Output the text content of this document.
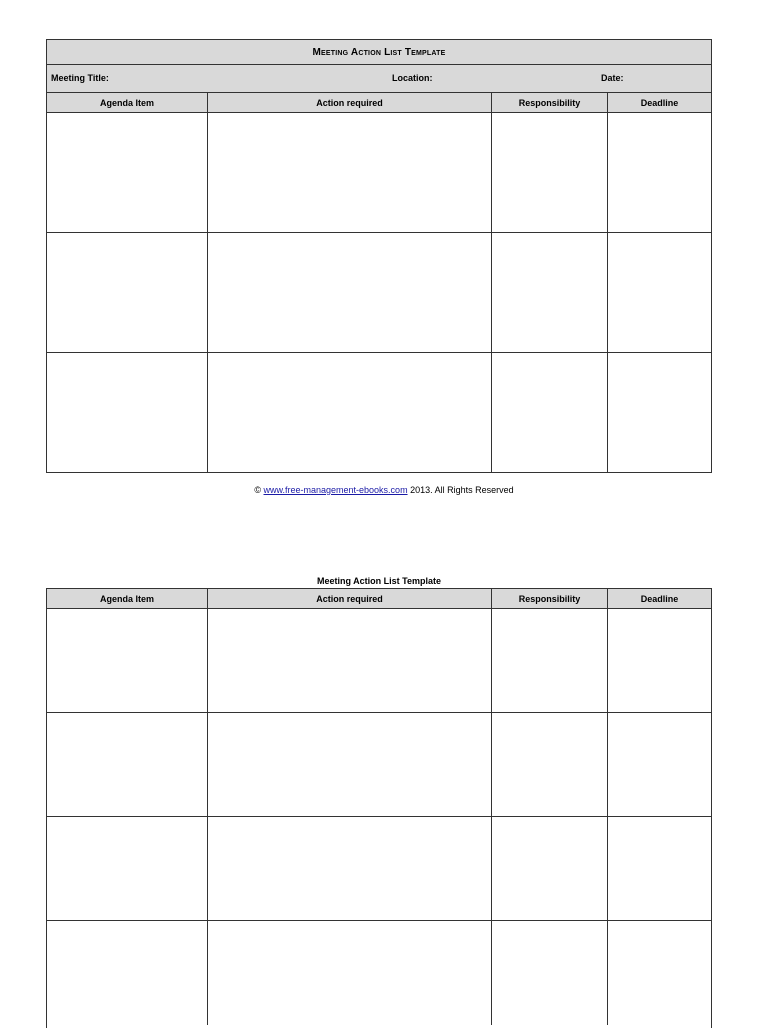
Meeting Action List Template
Meeting Title:	Location:	Date:
Agenda Item	Action required	Responsibility	Deadline
© www.free-management-ebooks.com 2013. All Rights Reserved
Meeting Action List Template
Agenda Item	Action required	Responsibility	Deadline
